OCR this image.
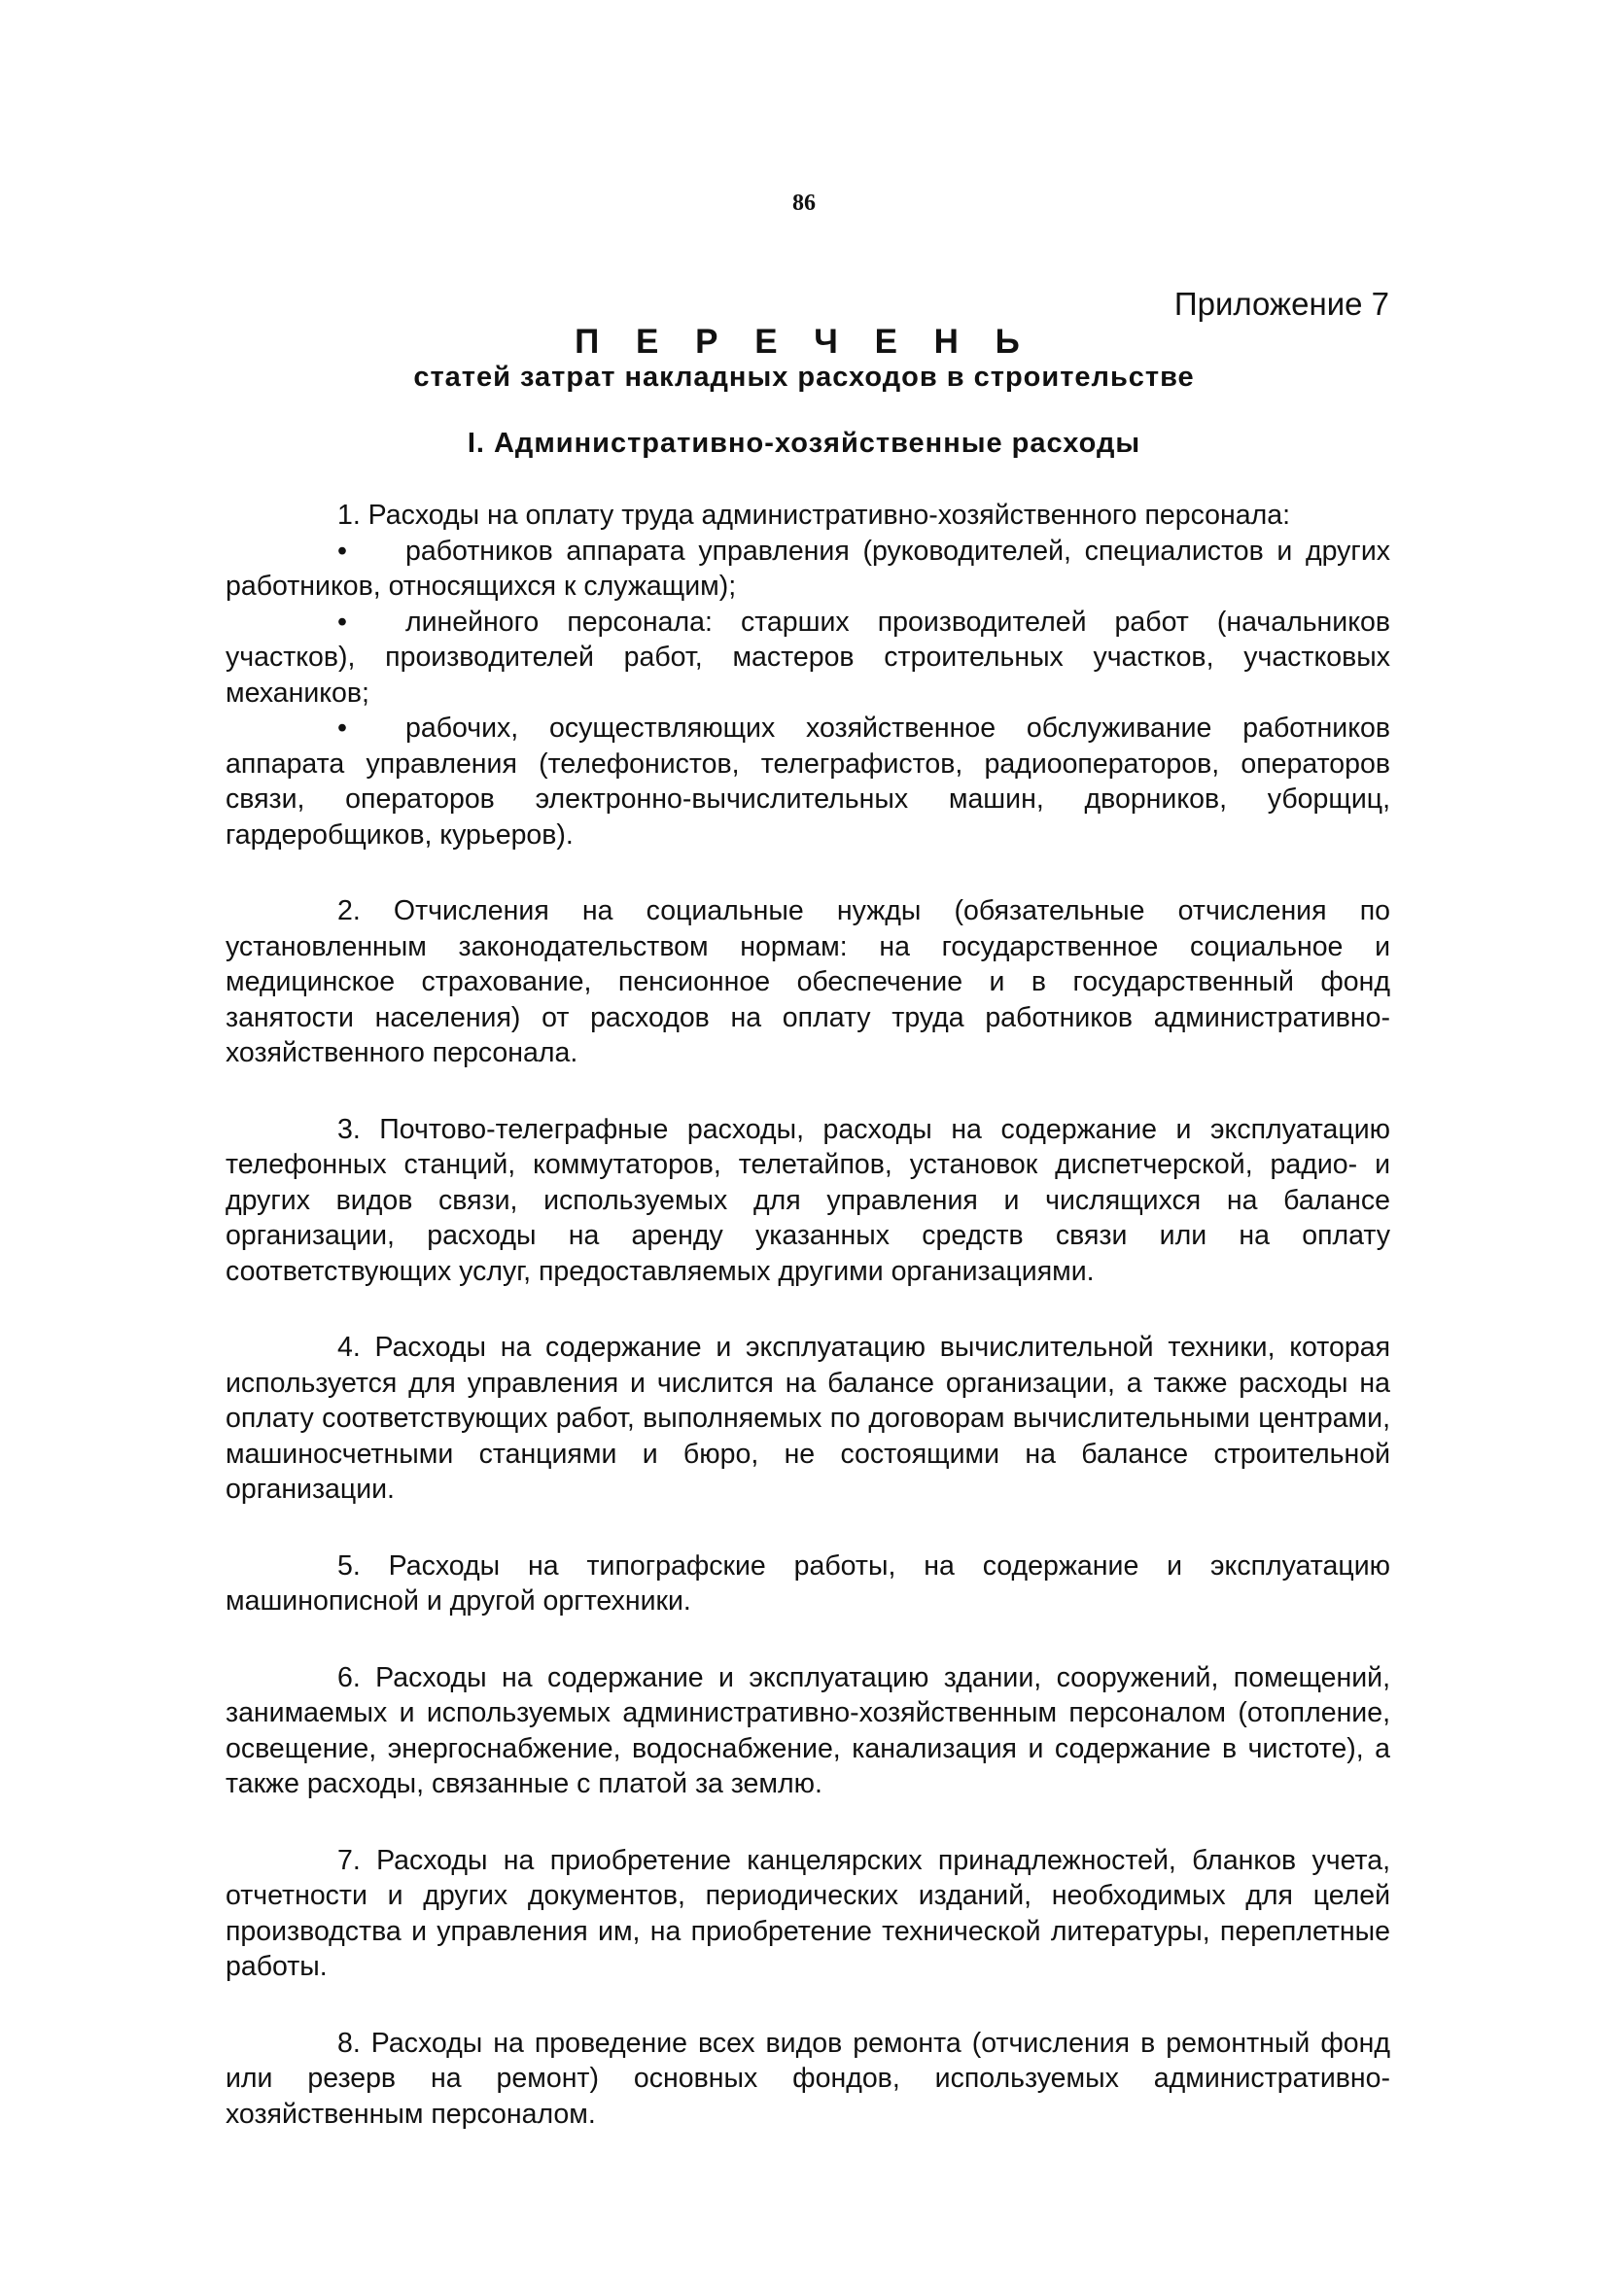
86
Приложение 7
П Е Р Е Ч Е Н Ь
статей затрат накладных расходов в строительстве
I. Административно-хозяйственные расходы

1. Расходы на оплату труда административно-хозяйственного персонала:

• работников аппарата управления (руководителей, специалистов и других работников, относящихся к служащим);

• линейного персонала: старших производителей работ (начальников участков), производителей работ, мастеров строительных участков, участковых механиков;

• рабочих, осуществляющих хозяйственное обслуживание работников аппарата управления (телефонистов, телеграфистов, радиооператоров, операторов связи, операторов электронно-вычислительных машин, дворников, уборщиц, гардеробщиков, курьеров).

2. Отчисления на социальные нужды (обязательные отчисления по установленным законодательством нормам: на государственное социальное и медицинское страхование, пенсионное обеспечение и в государственный фонд занятости населения) от расходов на оплату труда работников административно-хозяйственного персонала.

3. Почтово-телеграфные расходы, расходы на содержание и эксплуатацию телефонных станций, коммутаторов, телетайпов, установок диспетчерской, радио- и других видов связи, используемых для управления и числящихся на балансе организации, расходы на аренду указанных средств связи или на оплату соответствующих услуг, предоставляемых другими организациями.

4. Расходы на содержание и эксплуатацию вычислительной техники, которая используется для управления и числится на балансе организации, а также расходы на оплату соответствующих работ, выполняемых по договорам вычислительными центрами, машиносчетными станциями и бюро, не состоящими на балансе строительной организации.

5. Расходы на типографские работы, на содержание и эксплуатацию машинописной и другой оргтехники.

6. Расходы на содержание и эксплуатацию здании, сооружений, помещений, занимаемых и используемых административно-хозяйственным персоналом (отопление, освещение, энергоснабжение, водоснабжение, канализация и содержание в чистоте), а также расходы, связанные с платой за землю.

7. Расходы на приобретение канцелярских принадлежностей, бланков учета, отчетности и других документов, периодических изданий, необходимых для целей производства и управления им, на приобретение технической литературы, переплетные работы.

8. Расходы на проведение всех видов ремонта (отчисления в ремонтный фонд или резерв на ремонт) основных фондов, используемых административно-хозяйственным персоналом.
